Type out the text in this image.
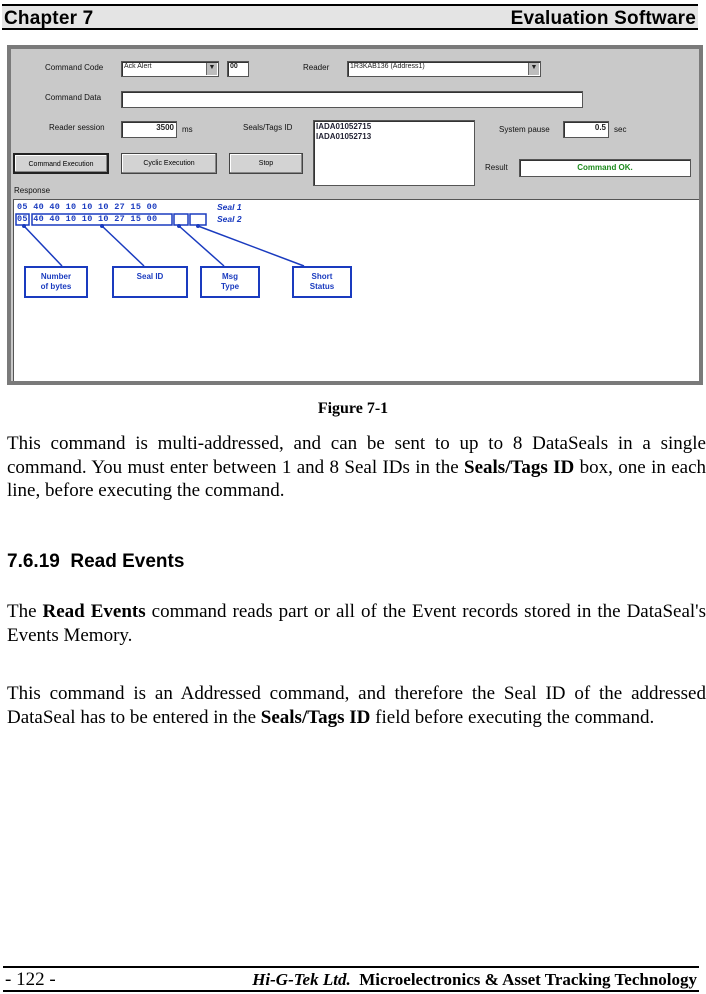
Chapter 7	Evaluation Software
Command Code	Ack Alert	▼	00	Reader	1R3KAB136 (Address1)	▼
Command Data
Reader session	3500	ms	Seals/Tags ID	IADA01052715
IADA01052713
System pause	0.5	sec
Command Execution	Cyclic Execution	Stop	Result	Command OK.
Response
05 40 40 10 10 10 27 15 00	Seal 1
05 40 40 10 10 10 27 15 00	Seal 2
Number
of bytes
Seal ID	Msg
Type
Short
Status
Figure 7-1
This command is multi-addressed, and can be sent to up to 8 DataSeals in a single command. You must enter between 1 and 8 Seal IDs in the Seals/Tags ID box, one in each line, before executing the command.
7.6.19 Read Events
The Read Events command reads part or all of the Event records stored in the DataSeal's Events Memory.
This command is an Addressed command, and therefore the Seal ID of the addressed DataSeal has to be entered in the Seals/Tags ID field before executing the command.
- 122 -	Hi-G-Tek Ltd. Microelectronics & Asset Tracking Technology
